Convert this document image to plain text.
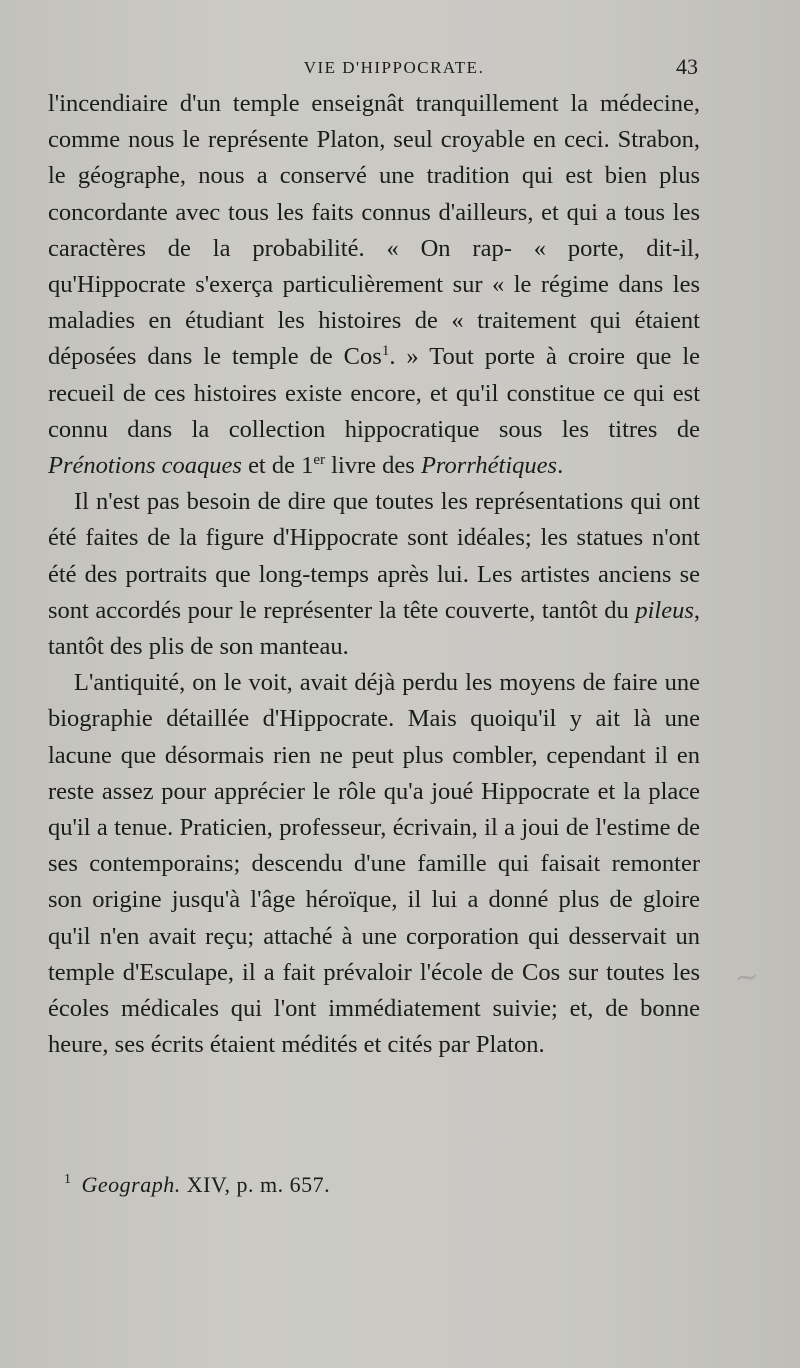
VIE D'HIPPOCRATE.	43

l'incendiaire d'un temple enseignât tranquillement la médecine, comme nous le représente Platon, seul croyable en ceci. Strabon, le géographe, nous a conservé une tradition qui est bien plus concordante avec tous les faits connus d'ailleurs, et qui a tous les caractères de la probabilité. « On rap- « porte, dit-il, qu'Hippocrate s'exerça particulièrement sur « le régime dans les maladies en étudiant les histoires de « traitement qui étaient déposées dans le temple de Cos$^1$. » Tout porte à croire que le recueil de ces histoires existe encore, et qu'il constitue ce qui est connu dans la collection hippocratique sous les titres de Prénotions coaques et de 1er livre des Prorrhétiques.

Il n'est pas besoin de dire que toutes les représentations qui ont été faites de la figure d'Hippocrate sont idéales; les statues n'ont été des portraits que long-temps après lui. Les artistes anciens se sont accordés pour le représenter la tête couverte, tantôt du pileus, tantôt des plis de son manteau.

L'antiquité, on le voit, avait déjà perdu les moyens de faire une biographie détaillée d'Hippocrate. Mais quoiqu'il y ait là une lacune que désormais rien ne peut plus combler, cependant il en reste assez pour apprécier le rôle qu'a joué Hippocrate et la place qu'il a tenue. Praticien, professeur, écrivain, il a joui de l'estime de ses contemporains; descendu d'une famille qui faisait remonter son origine jusqu'à l'âge héroïque, il lui a donné plus de gloire qu'il n'en avait reçu; attaché à une corporation qui desservait un temple d'Esculape, il a fait prévaloir l'école de Cos sur toutes les écoles médicales qui l'ont immédiatement suivie; et, de bonne heure, ses écrits étaient médités et cités par Platon.

$^1$ Geograph. XIV, p. m. 657.
~
